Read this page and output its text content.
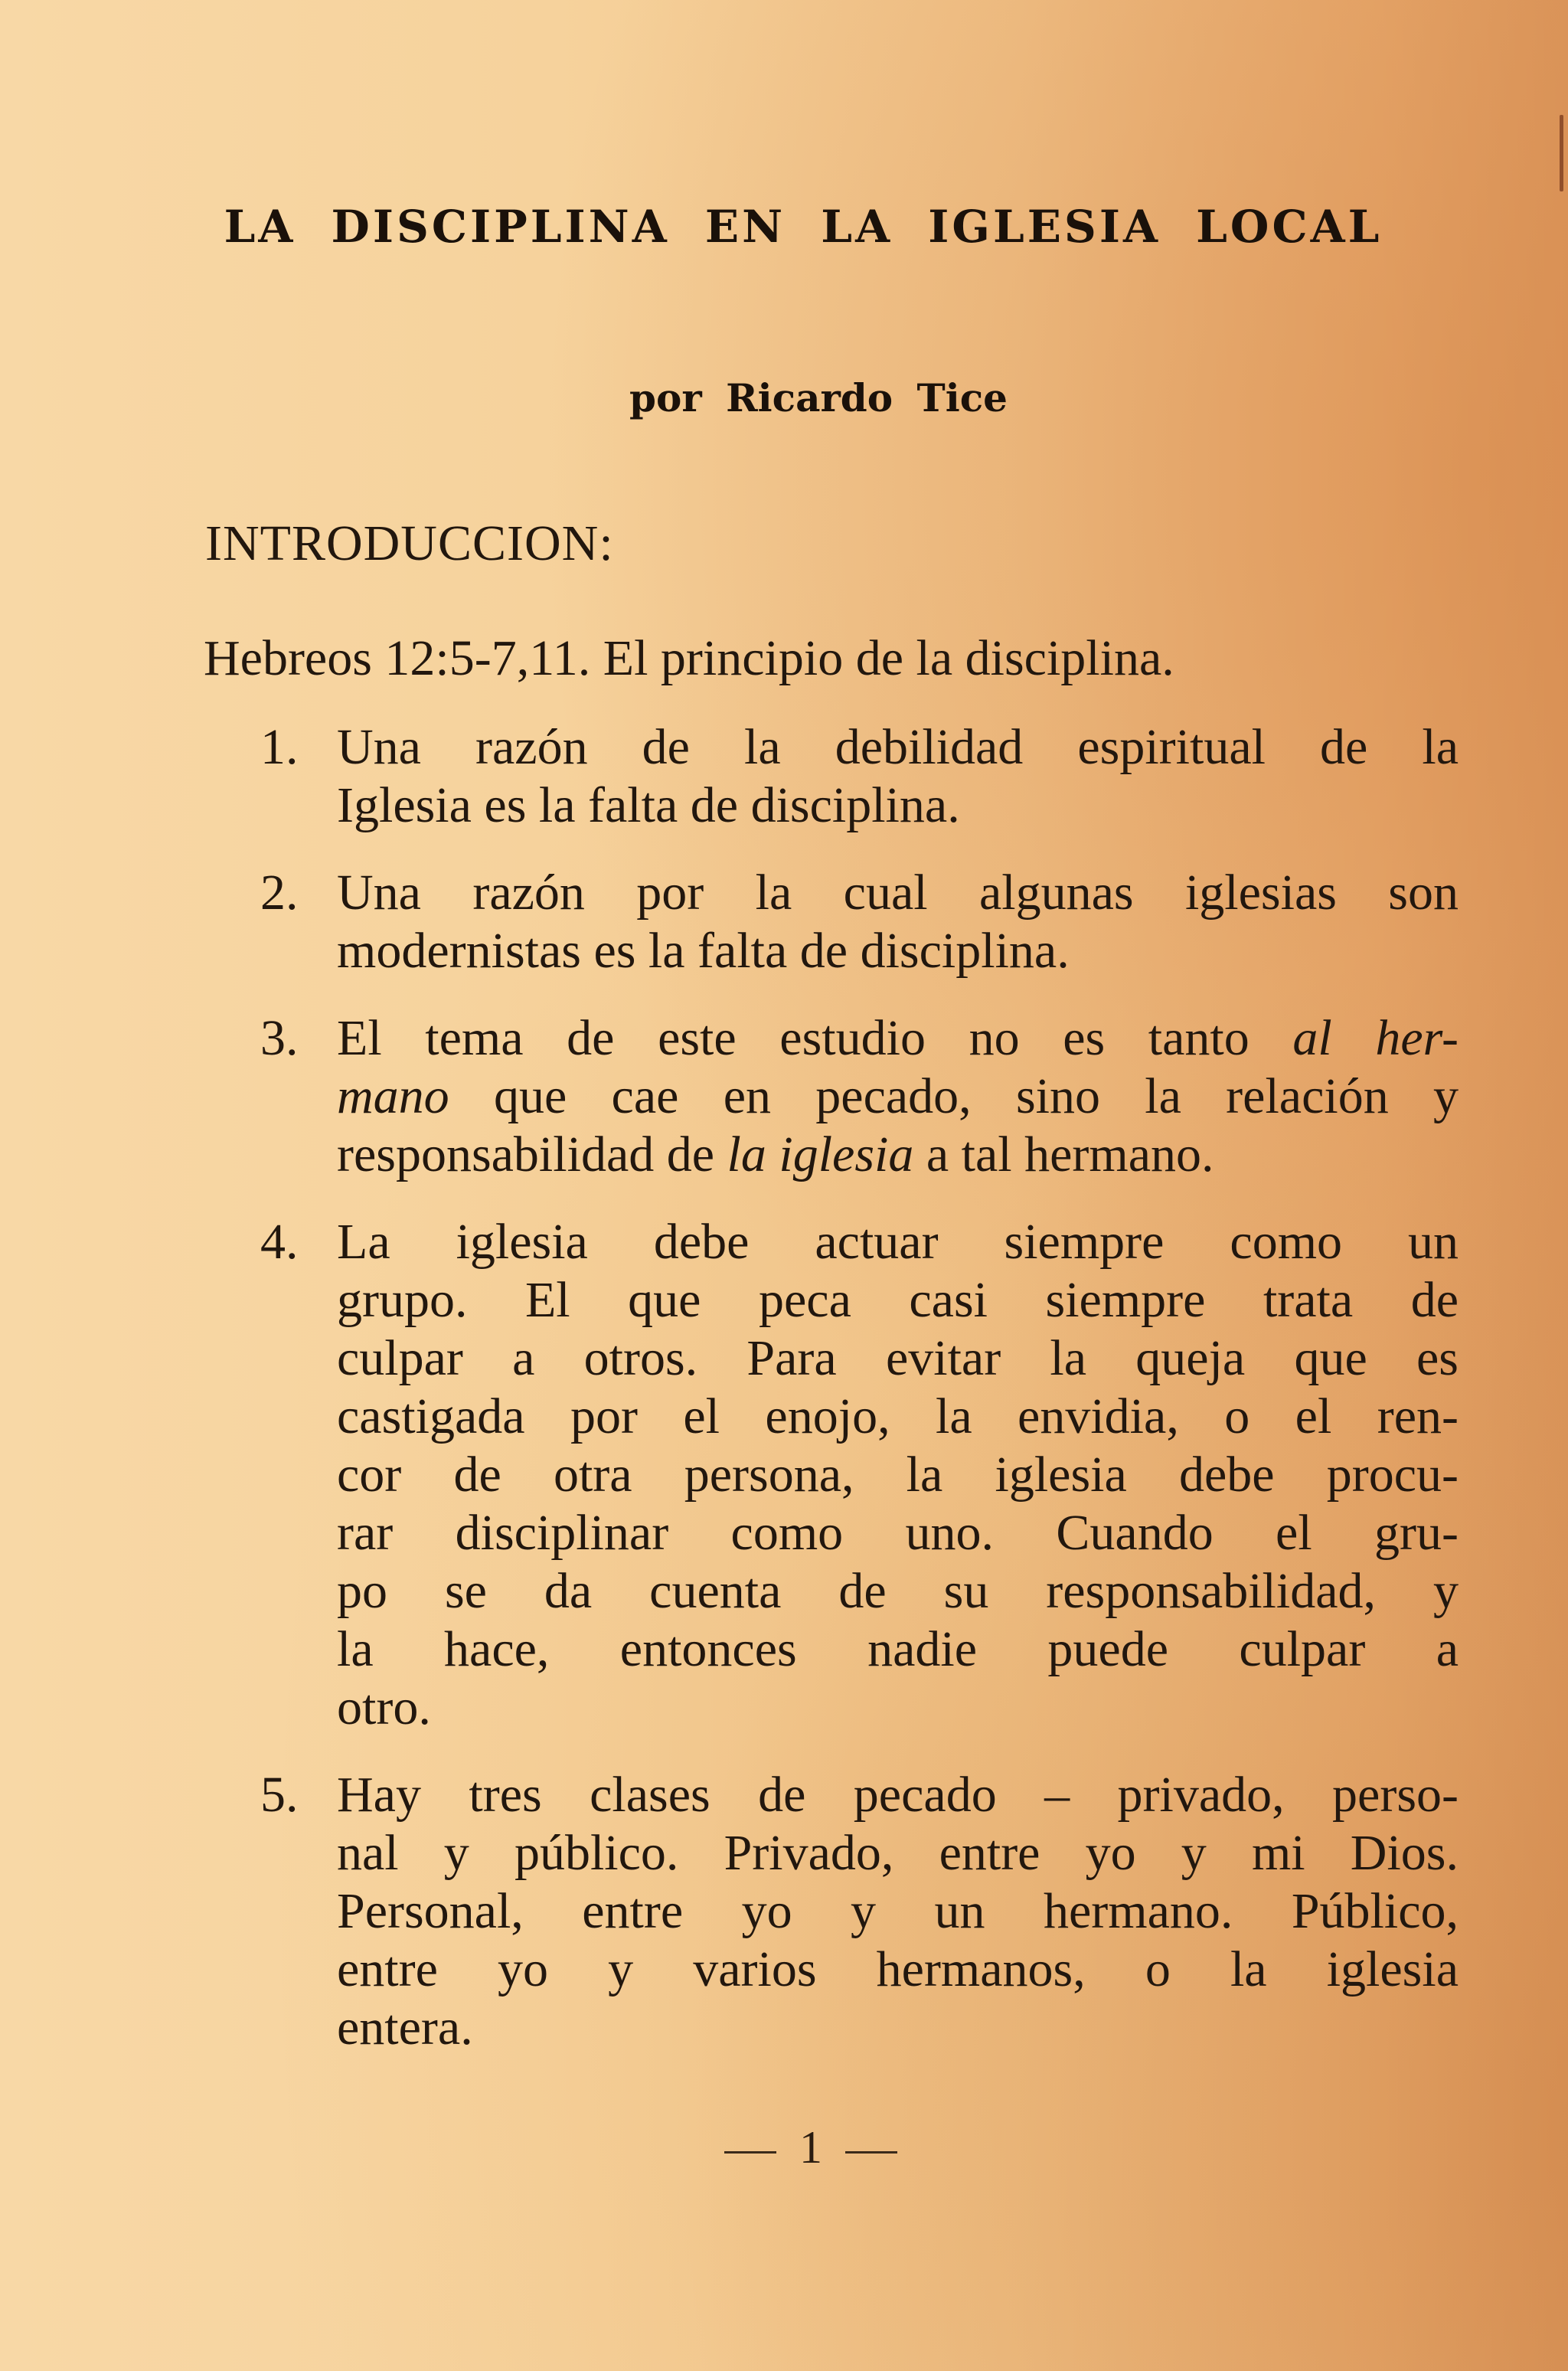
LA DISCIPLINA EN LA IGLESIA LOCAL
por Ricardo Tice
INTRODUCCION:
Hebreos 12:5-7,11. El principio de la disciplina.
1. Una razón de la debilidad espiritual de la
Iglesia es la falta de disciplina.
2. Una razón por la cual algunas iglesias son
modernistas es la falta de disciplina.
3. El tema de este estudio no es tanto al her-
mano que cae en pecado, sino la relación y
responsabilidad de la iglesia a tal hermano.
4. La iglesia debe actuar siempre como un
grupo. El que peca casi siempre trata de
culpar a otros. Para evitar la queja que es
castigada por el enojo, la envidia, o el ren-
cor de otra persona, la iglesia debe procu-
rar disciplinar como uno. Cuando el gru-
po se da cuenta de su responsabilidad, y
la hace, entonces nadie puede culpar a
otro.
5. Hay tres clases de pecado – privado, perso-
nal y público. Privado, entre yo y mi Dios.
Personal, entre yo y un hermano. Público,
entre yo y varios hermanos, o la iglesia
entera.
1
